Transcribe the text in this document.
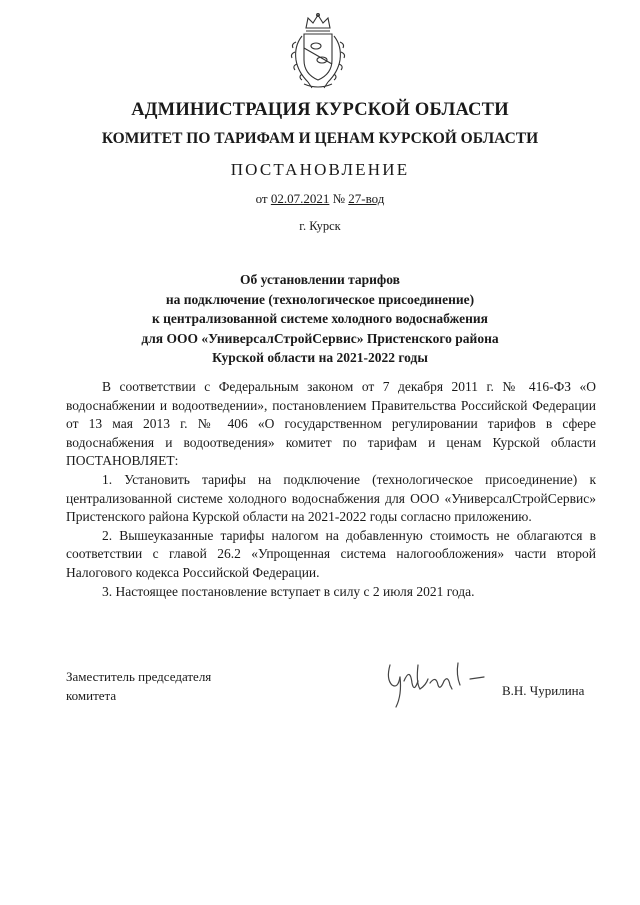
АДМИНИСТРАЦИЯ КУРСКОЙ ОБЛАСТИ
КОМИТЕТ ПО ТАРИФАМ И ЦЕНАМ КУРСКОЙ ОБЛАСТИ
ПОСТАНОВЛЕНИЕ
от 02.07.2021 № 27-вод
г. Курск
Об установлении тарифов
на подключение (технологическое присоединение)
к централизованной системе холодного водоснабжения
для ООО «УниверсалСтройСервис» Пристенского района
Курской области на 2021-2022 годы

В соответствии с Федеральным законом от 7 декабря 2011 г. № 416-ФЗ «О водоснабжении и водоотведении», постановлением Правительства Российской Федерации от 13 мая 2013 г. № 406 «О государственном регулировании тарифов в сфере водоснабжения и водоотведения» комитет по тарифам и ценам Курской области ПОСТАНОВЛЯЕТ:

1. Установить тарифы на подключение (технологическое присоединение) к централизованной системе холодного водоснабжения для ООО «УниверсалСтройСервис» Пристенского района Курской области на 2021-2022 годы согласно приложению.

2. Вышеуказанные тарифы налогом на добавленную стоимость не облагаются в соответствии с главой 26.2 «Упрощенная система налогообложения» части второй Налогового кодекса Российской Федерации.

3. Настоящее постановление вступает в силу с 2 июля 2021 года.

Заместитель председателя
комитета	В.Н. Чурилина
